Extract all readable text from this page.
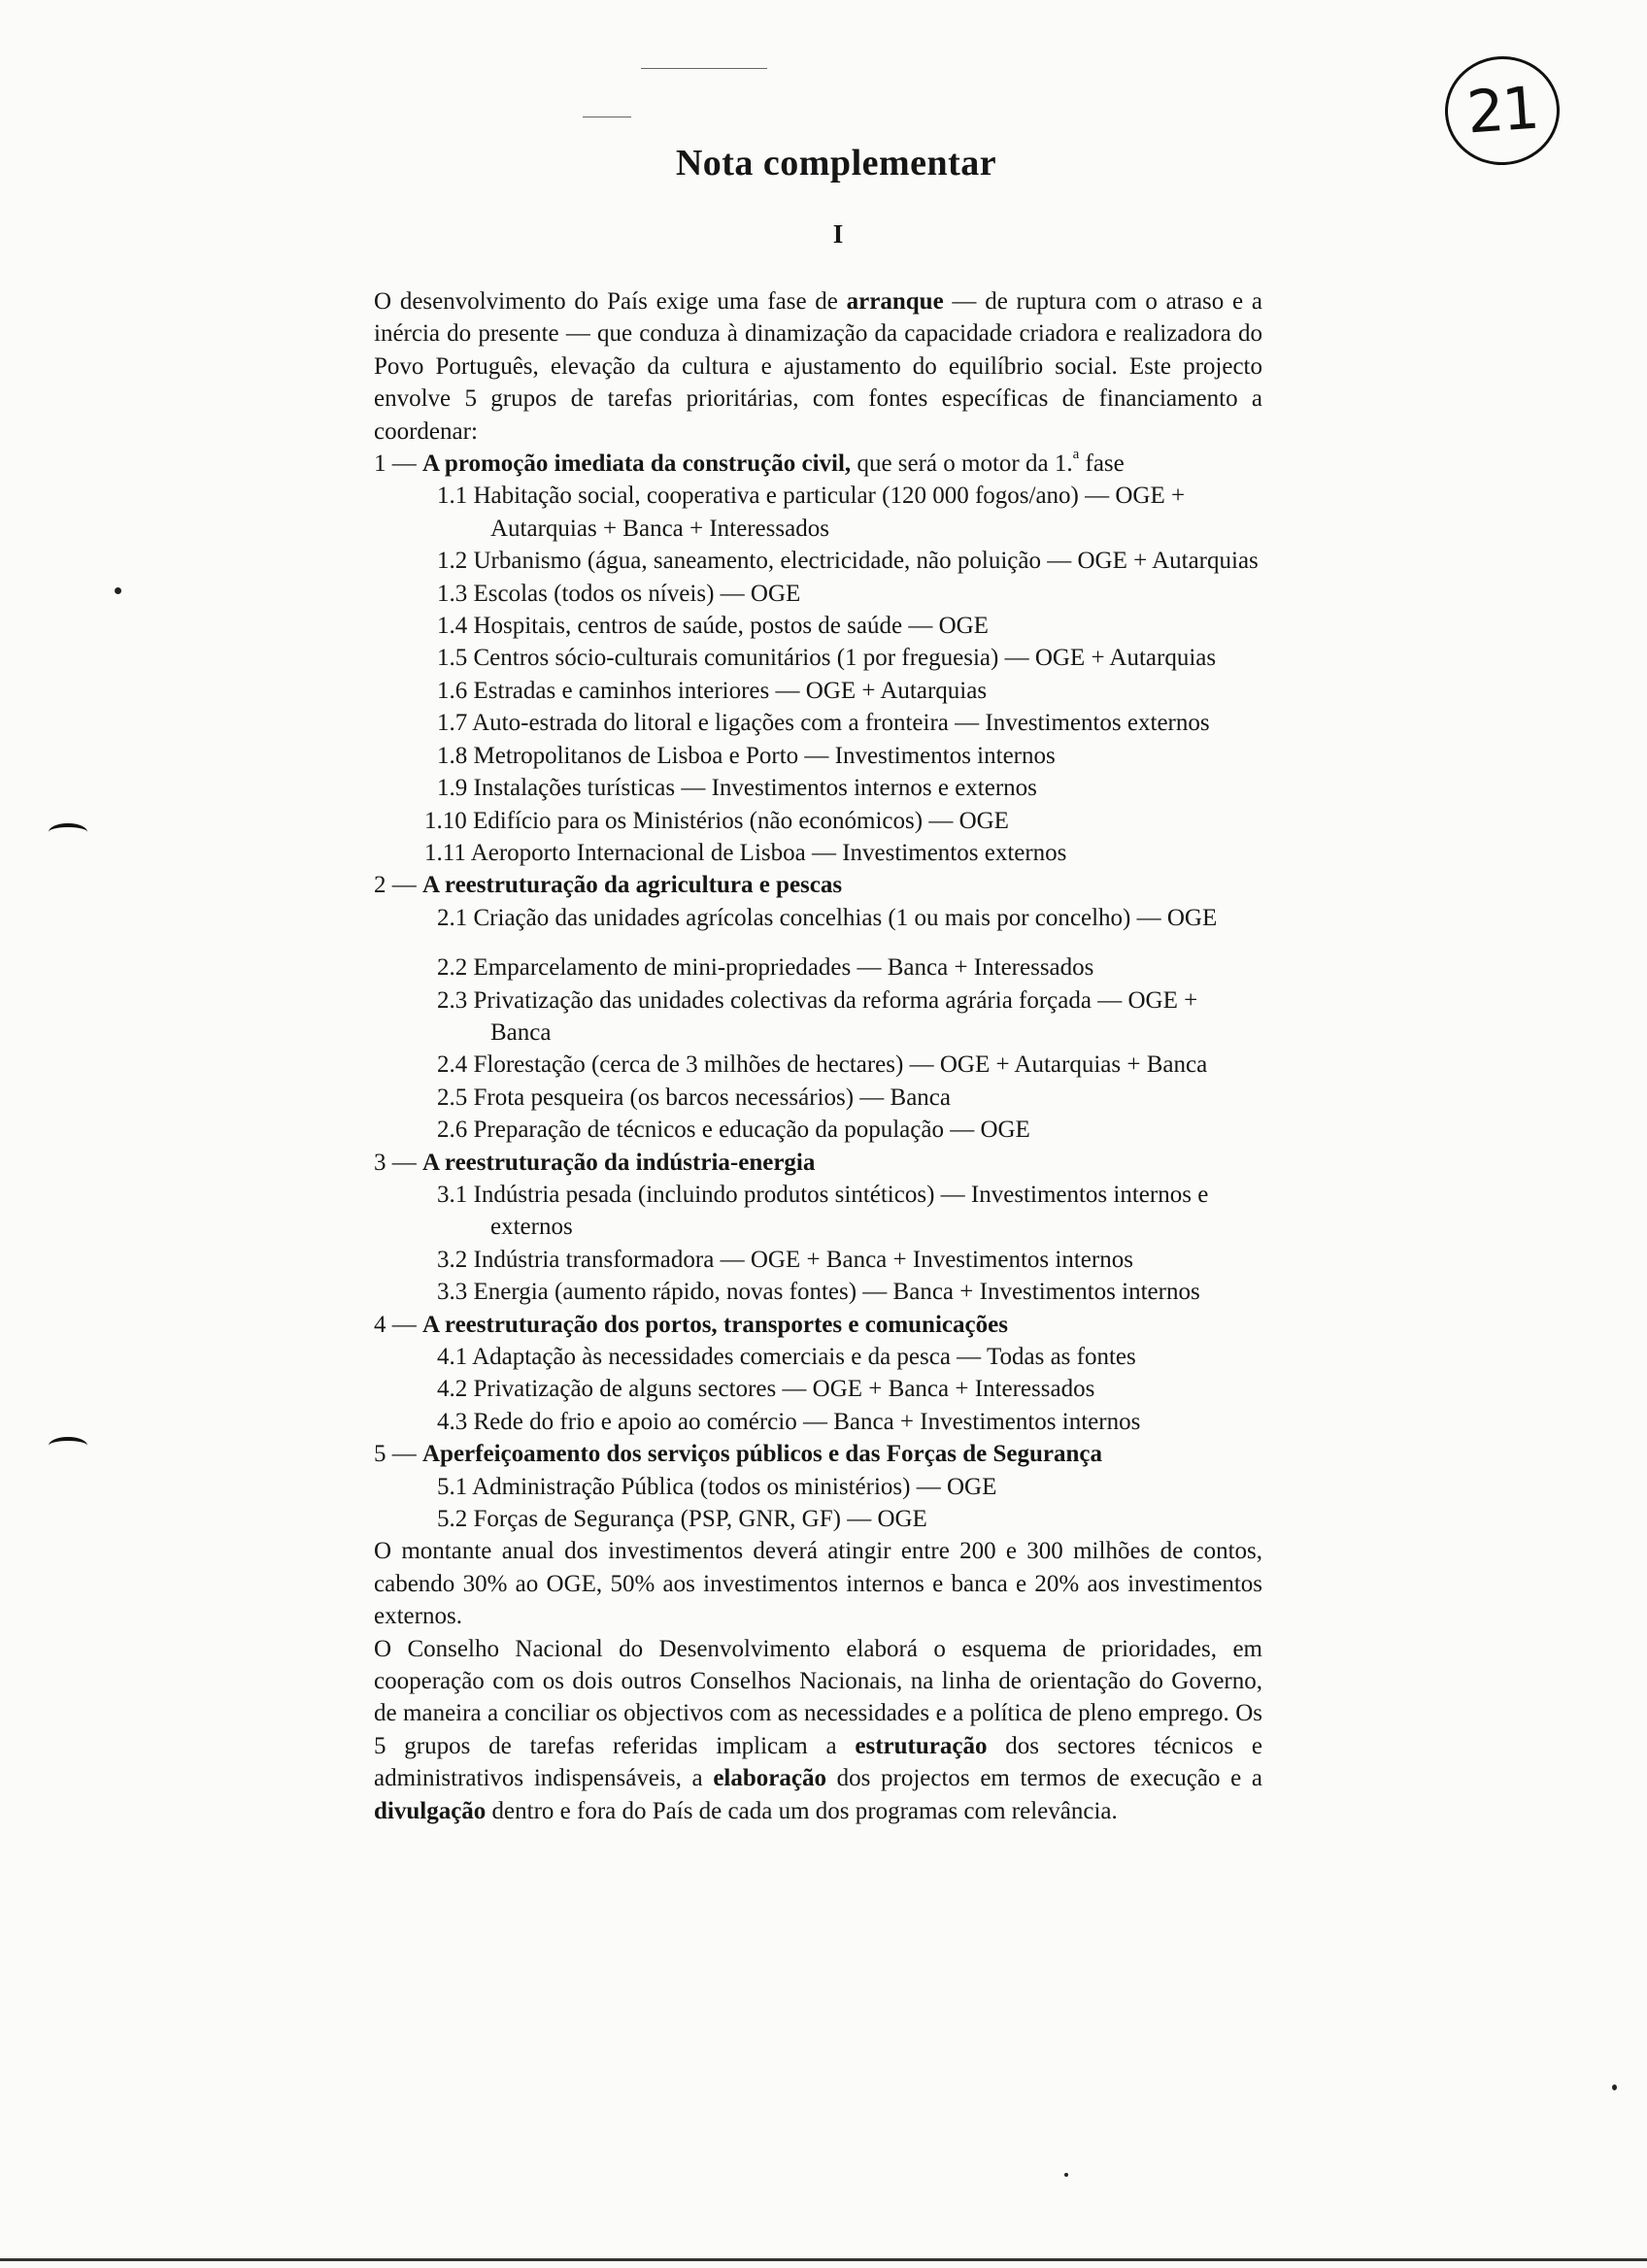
21
Nota complementar
I
O desenvolvimento do País exige uma fase de arranque — de ruptura com o atraso e a inércia do presente — que conduza à dinamização da capacidade criadora e realizadora do Povo Português, elevação da cultura e ajustamento do equilíbrio social. Este projecto envolve 5 grupos de tarefas prioritárias, com fontes específicas de financiamento a coordenar:
1 — A promoção imediata da construção civil, que será o motor da 1.$^a$ fase
1.1 Habitação social, cooperativa e particular (120 000 fogos/ano) — OGE + Autarquias + Banca + Interessados
1.2 Urbanismo (água, saneamento, electricidade, não poluição — OGE + Autarquias
1.3 Escolas (todos os níveis) — OGE
1.4 Hospitais, centros de saúde, postos de saúde — OGE
1.5 Centros sócio-culturais comunitários (1 por freguesia) — OGE + Autarquias
1.6 Estradas e caminhos interiores — OGE + Autarquias
1.7 Auto-estrada do litoral e ligações com a fronteira — Investimentos externos
1.8 Metropolitanos de Lisboa e Porto — Investimentos internos
1.9 Instalações turísticas — Investimentos internos e externos
1.10 Edifício para os Ministérios (não económicos) — OGE
1.11 Aeroporto Internacional de Lisboa — Investimentos externos
2 — A reestruturação da agricultura e pescas
2.1 Criação das unidades agrícolas concelhias (1 ou mais por concelho) — OGE
2.2 Emparcelamento de mini-propriedades — Banca + Interessados
2.3 Privatização das unidades colectivas da reforma agrária forçada — OGE + Banca
2.4 Florestação (cerca de 3 milhões de hectares) — OGE + Autarquias + Banca
2.5 Frota pesqueira (os barcos necessários) — Banca
2.6 Preparação de técnicos e educação da população — OGE
3 — A reestruturação da indústria-energia
3.1 Indústria pesada (incluindo produtos sintéticos) — Investimentos internos e externos
3.2 Indústria transformadora — OGE + Banca + Investimentos internos
3.3 Energia (aumento rápido, novas fontes) — Banca + Investimentos internos
4 — A reestruturação dos portos, transportes e comunicações
4.1 Adaptação às necessidades comerciais e da pesca — Todas as fontes
4.2 Privatização de alguns sectores — OGE + Banca + Interessados
4.3 Rede do frio e apoio ao comércio — Banca + Investimentos internos
5 — Aperfeiçoamento dos serviços públicos e das Forças de Segurança
5.1 Administração Pública (todos os ministérios) — OGE
5.2 Forças de Segurança (PSP, GNR, GF) — OGE
O montante anual dos investimentos deverá atingir entre 200 e 300 milhões de contos, cabendo 30% ao OGE, 50% aos investimentos internos e banca e 20% aos investimentos externos.
O Conselho Nacional do Desenvolvimento elaborá o esquema de prioridades, em cooperação com os dois outros Conselhos Nacionais, na linha de orientação do Governo, de maneira a conciliar os objectivos com as necessidades e a política de pleno emprego. Os 5 grupos de tarefas referidas implicam a estruturação dos sectores técnicos e administrativos indispensáveis, a elaboração dos projectos em termos de execução e a divulgação dentro e fora do País de cada um dos programas com relevância.
